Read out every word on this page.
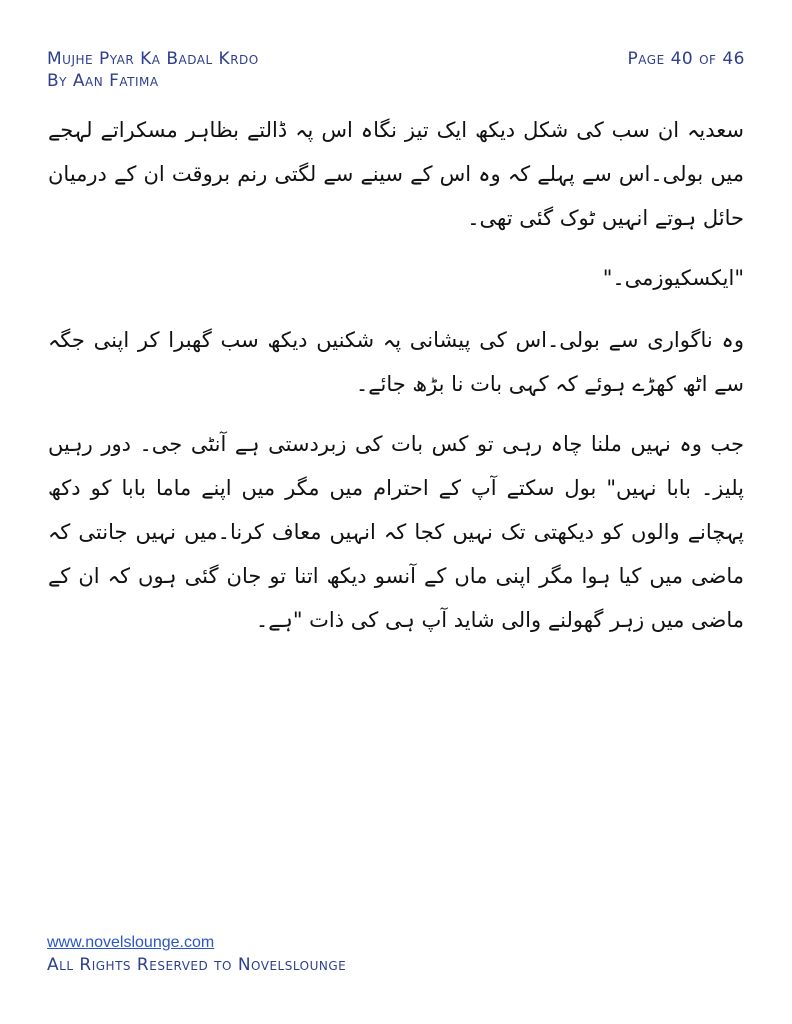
Mujhe Pyar Ka Badal Krdo
By Aan Fatima
Page 40 of 46

سعدیہ ان سب کی شکل دیکھ ایک تیز نگاہ اس پہ ڈالتے بظاہر مسکراتے لہجے میں بولی۔اس سے پہلے کہ وہ اس کے سینے سے لگتی رنم بروقت ان کے درمیان حائل ہوتے انہیں ٹوک گئی تھی۔

"ایکسکیوزمی۔"

وہ ناگواری سے بولی۔اس کی پیشانی پہ شکنیں دیکھ سب گھبرا کر اپنی جگہ سے اٹھ کھڑے ہوئے کہ کہی بات نا بڑھ جائے۔

جب وہ نہیں ملنا چاہ رہی تو کس بات کی زبردستی ہے آنٹی جی۔ دور رہیں پلیز۔ بابا نہیں" بول سکتے آپ کے احترام میں مگر میں اپنے ماما بابا کو دکھ پہچانے والوں کو دیکھتی تک نہیں کجا کہ انہیں معاف کرنا۔میں نہیں جانتی کہ ماضی میں کیا ہوا مگر اپنی ماں کے آنسو دیکھ اتنا تو جان گئی ہوں کہ ان کے ماضی میں زہر گھولنے والی شاید آپ ہی کی ذات "ہے۔

www.novelslounge.com
All Rights Reserved to Novelslounge
